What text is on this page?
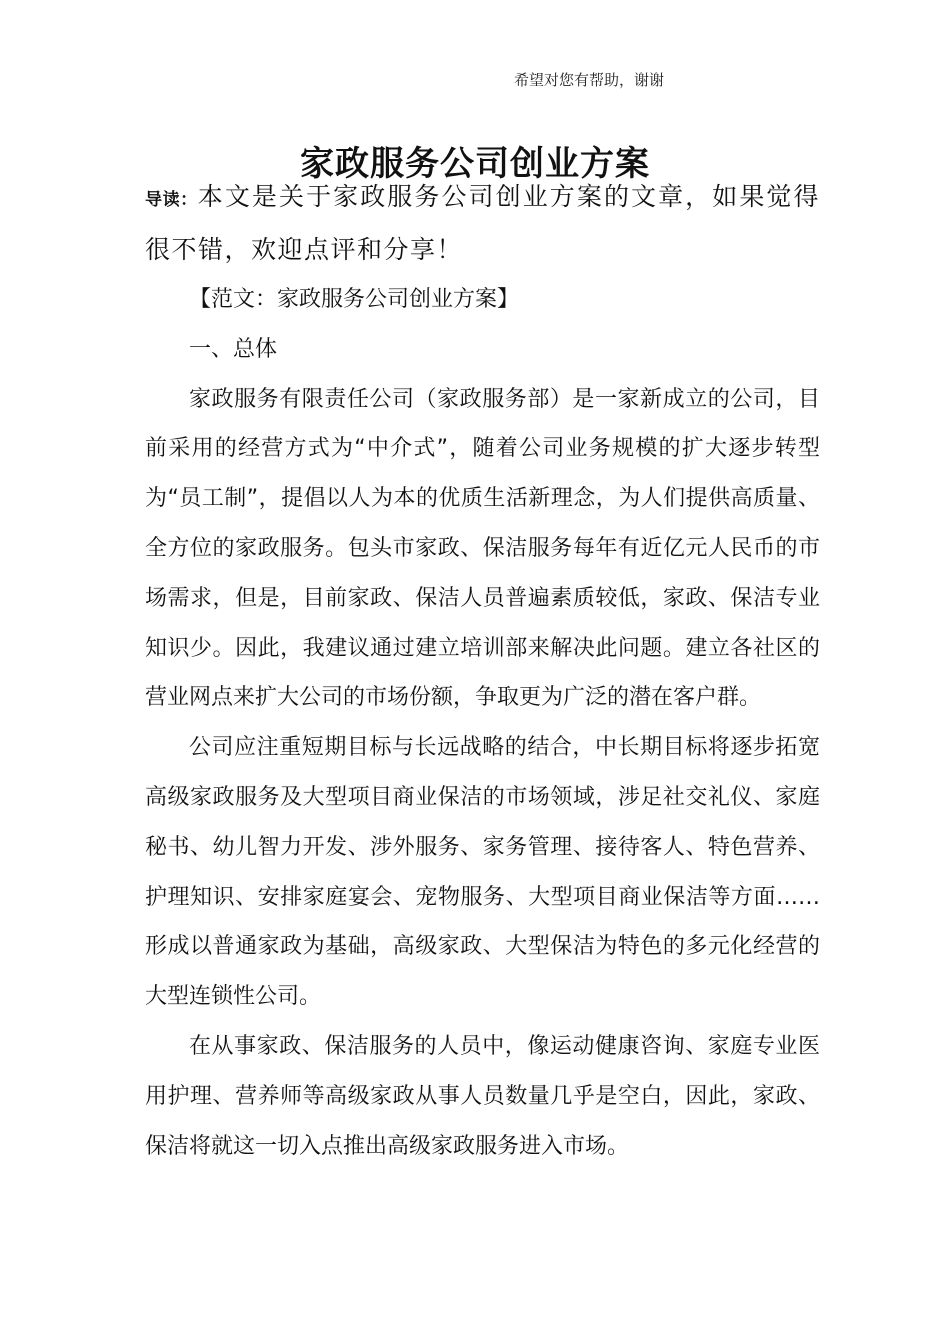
希望对您有帮助，谢谢
家政服务公司创业方案

导读：本文是关于家政服务公司创业方案的文章，如果觉得很不错，欢迎点评和分享！

【范文：家政服务公司创业方案】

一、总体

家政服务有限责任公司（家政服务部）是一家新成立的公司，目前采用的经营方式为“中介式”，随着公司业务规模的扩大逐步转型为“员工制”，提倡以人为本的优质生活新理念，为人们提供高质量、全方位的家政服务。包头市家政、保洁服务每年有近亿元人民币的市场需求，但是，目前家政、保洁人员普遍素质较低，家政、保洁专业知识少。因此，我建议通过建立培训部来解决此问题。建立各社区的营业网点来扩大公司的市场份额，争取更为广泛的潜在客户群。

公司应注重短期目标与长远战略的结合，中长期目标将逐步拓宽高级家政服务及大型项目商业保洁的市场领域，涉足社交礼仪、家庭秘书、幼儿智力开发、涉外服务、家务管理、接待客人、特色营养、护理知识、安排家庭宴会、宠物服务、大型项目商业保洁等方面……形成以普通家政为基础，高级家政、大型保洁为特色的多元化经营的大型连锁性公司。

在从事家政、保洁服务的人员中，像运动健康咨询、家庭专业医用护理、营养师等高级家政从事人员数量几乎是空白，因此，家政、保洁将就这一切入点推出高级家政服务进入市场。
